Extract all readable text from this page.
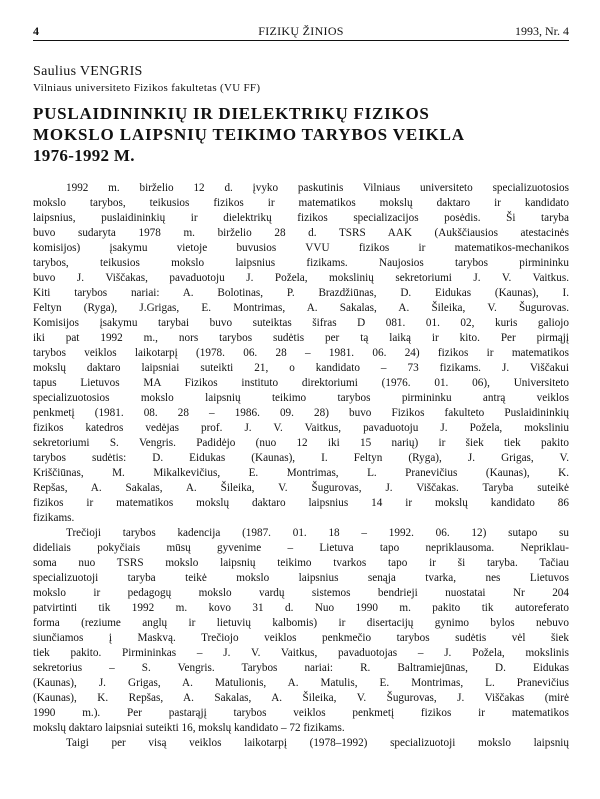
4	FIZIKŲ ŽINIOS	1993, Nr. 4
Saulius VENGRIS
Vilniaus universiteto Fizikos fakultetas (VU FF)
PUSLAIDININKIŲ IR DIELEKTRIKŲ FIZIKOS
MOKSLO LAIPSNIŲ TEIKIMO TARYBOS VEIKLA
1976-1992 M.
1992 m. birželio 12 d. įvyko paskutinis Vilniaus universiteto specializuotosios
mokslo tarybos, teikusios fizikos ir matematikos mokslų daktaro ir kandidato
laipsnius, puslaidininkių ir dielektrikų fizikos specializacijos posėdis. Ši taryba
buvo sudaryta 1978 m. birželio 28 d. TSRS AAK (Aukščiausios atestacinės
komisijos) įsakymu vietoje buvusios VVU fizikos ir matematikos-mechanikos
tarybos, teikusios mokslo laipsnius fizikams. Naujosios tarybos pirmininku
buvo J. Viščakas, pavaduotoju J. Požela, mokslinių sekretoriumi J. V. Vaitkus.
Kiti tarybos nariai: A. Bolotinas, P. Brazdžiūnas, D. Eidukas (Kaunas), I.
Feltyn (Ryga), J.Grigas, E. Montrimas, A. Sakalas, A. Šileika, V. Šugurovas.
Komisijos įsakymu tarybai buvo suteiktas šifras D 081. 01. 02, kuris galiojo
iki pat 1992 m., nors tarybos sudėtis per tą laiką ir kito. Per pirmąjį
tarybos veiklos laikotarpį (1978. 06. 28 – 1981. 06. 24) fizikos ir matematikos
mokslų daktaro laipsniai suteikti 21, o kandidato – 73 fizikams. J. Viščakui
tapus Lietuvos MA Fizikos instituto direktoriumi (1976. 01. 06), Universiteto
specializuotosios mokslo laipsnių teikimo tarybos pirmininku antrą veiklos
penkmetį (1981. 08. 28 – 1986. 09. 28) buvo Fizikos fakulteto Puslaidininkių
fizikos katedros vedėjas prof. J. V. Vaitkus, pavaduotoju J. Požela, moksliniu
sekretoriumi S. Vengris. Padidėjo (nuo 12 iki 15 narių) ir šiek tiek pakito
tarybos sudėtis: D. Eidukas (Kaunas), I. Feltyn (Ryga), J. Grigas, V.
Kriščiūnas, M. Mikalkevičius, E. Montrimas, L. Pranevičius (Kaunas), K.
Repšas, A. Sakalas, A. Šileika, V. Šugurovas, J. Viščakas. Taryba suteikė
fizikos ir matematikos mokslų daktaro laipsnius 14 ir mokslų kandidato 86
fizikams.
Trečioji tarybos kadencija (1987. 01. 18 – 1992. 06. 12) sutapo su
dideliais pokyčiais mūsų gyvenime – Lietuva tapo nepriklausoma. Nepriklau-
soma nuo TSRS mokslo laipsnių teikimo tvarkos tapo ir ši taryba. Tačiau
specializuotoji taryba teikė mokslo laipsnius senąja tvarka, nes Lietuvos
mokslo ir pedagogų mokslo vardų sistemos bendrieji nuostatai Nr 204
patvirtinti tik 1992 m. kovo 31 d. Nuo 1990 m. pakito tik autoreferato
forma (reziume anglų ir lietuvių kalbomis) ir disertacijų gynimo bylos nebuvo
siunčiamos į Maskvą. Trečiojo veiklos penkmečio tarybos sudėtis vėl šiek
tiek pakito. Pirmininkas – J. V. Vaitkus, pavaduotojas – J. Požela, mokslinis
sekretorius – S. Vengris. Tarybos nariai: R. Baltramiejūnas, D. Eidukas
(Kaunas), J. Grigas, A. Matulionis, A. Matulis, E. Montrimas, L. Pranevičius
(Kaunas), K. Repšas, A. Sakalas, A. Šileika, V. Šugurovas, J. Viščakas (mirė
1990 m.). Per pastarąjį tarybos veiklos penkmetį fizikos ir matematikos
mokslų daktaro laipsniai suteikti 16, mokslų kandidato – 72 fizikams.
Taigi per visą veiklos laikotarpį (1978–1992) specializuotoji mokslo laipsnių
